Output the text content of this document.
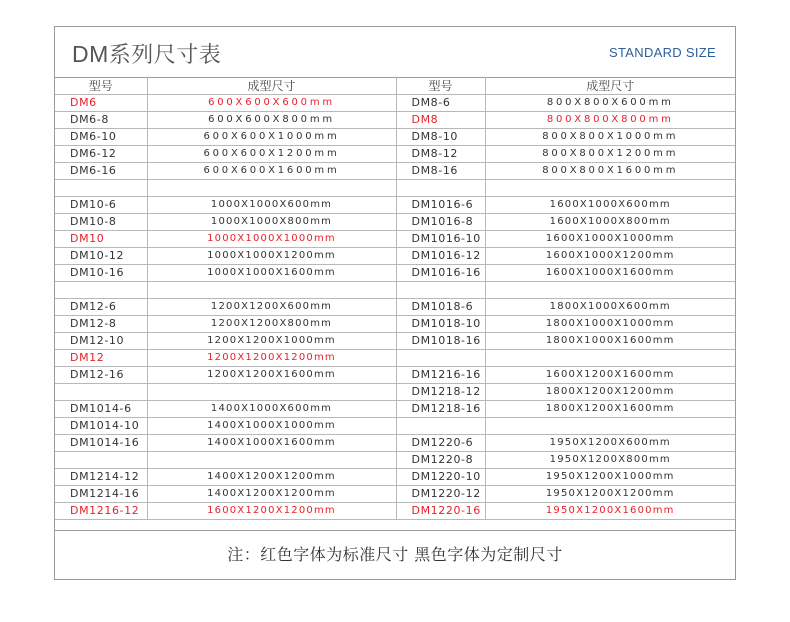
DM系列尺寸表	STANDARD SIZE
型号	成型尺寸	型号	成型尺寸
DM6	600X600X600mm	DM8-6	800X800X600mm
DM6-8	600X600X800mm	DM8	800X800X800mm
DM6-10	600X600X1000mm	DM8-10	800X800X1000mm
DM6-12	600X600X1200mm	DM8-12	800X800X1200mm
DM6-16	600X600X1600mm	DM8-16	800X800X1600mm

DM10-6	1000X1000X600mm	DM1016-6	1600X1000X600mm
DM10-8	1000X1000X800mm	DM1016-8	1600X1000X800mm
DM10	1000X1000X1000mm	DM1016-10	1600X1000X1000mm
DM10-12	1000X1000X1200mm	DM1016-12	1600X1000X1200mm
DM10-16	1000X1000X1600mm	DM1016-16	1600X1000X1600mm

DM12-6	1200X1200X600mm	DM1018-6	1800X1000X600mm
DM12-8	1200X1200X800mm	DM1018-10	1800X1000X1000mm
DM12-10	1200X1200X1000mm	DM1018-16	1800X1000X1600mm
DM12	1200X1200X1200mm		
DM12-16	1200X1200X1600mm	DM1216-16	1600X1200X1600mm
		DM1218-12	1800X1200X1200mm
DM1014-6	1400X1000X600mm	DM1218-16	1800X1200X1600mm
DM1014-10	1400X1000X1000mm		
DM1014-16	1400X1000X1600mm	DM1220-6	1950X1200X600mm
		DM1220-8	1950X1200X800mm
DM1214-12	1400X1200X1200mm	DM1220-10	1950X1200X1000mm
DM1214-16	1400X1200X1200mm	DM1220-12	1950X1200X1200mm
DM1216-12	1600X1200X1200mm	DM1220-16	1950X1200X1600mm
注：红色字体为标准尺寸 黑色字体为定制尺寸
